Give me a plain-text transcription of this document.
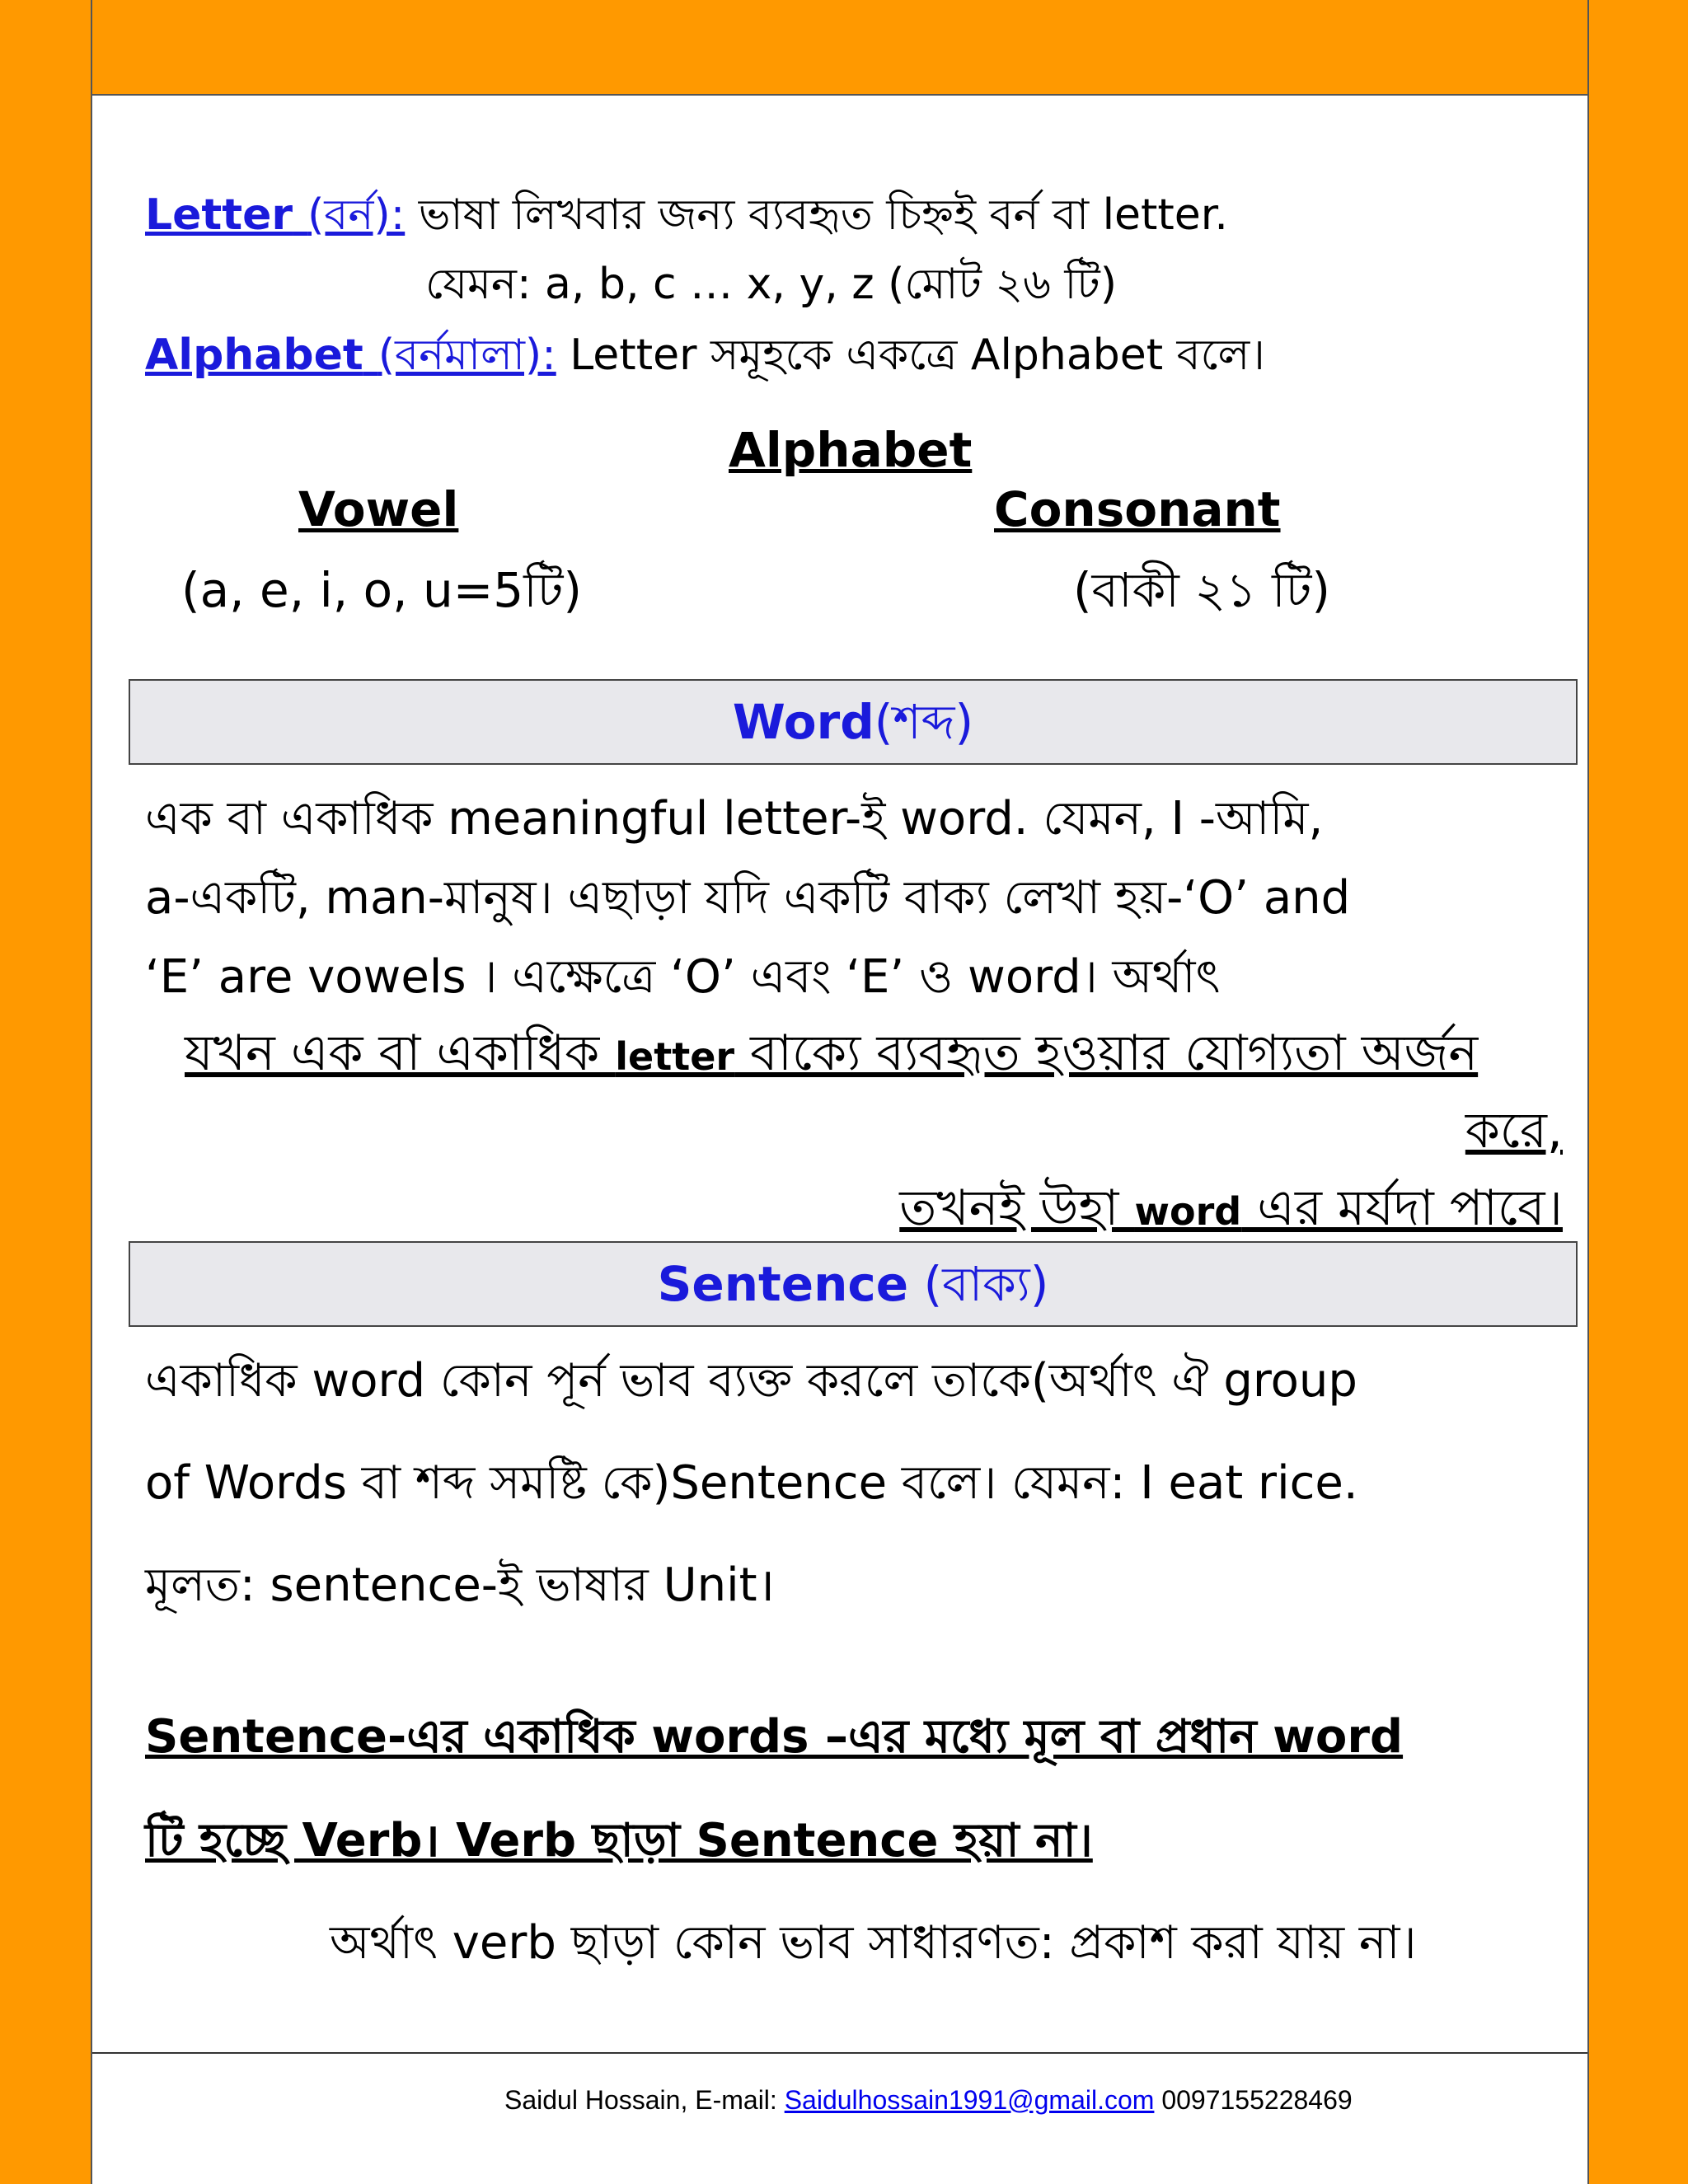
Letter (বর্ন): ভাষা লিখবার জন্য ব্যবহৃত চিহ্নই বর্ন বা letter.
যেমন: a, b, c … x, y, z (মোট ২৬ টি)
Alphabet (বর্নমালা): Letter সমূহকে একত্রে Alphabet বলে।
Alphabet
Vowel	Consonant
(a, e, i, o, u=5টি)	(বাকী ২১ টি)
Word(শব্দ)
এক বা একাধিক meaningful letter-ই word. যেমন, I -আমি,
a-একটি, man-মানুষ। এছাড়া যদি একটি বাক্য লেখা হয়-‘O’ and
‘E’ are vowels । এক্ষেত্রে ‘O’ এবং ‘E’ ও word। অর্থাৎ
যখন এক বা একাধিক letter বাক্যে ব্যবহৃত হওয়ার যোগ্যতা অর্জন
করে,
তখনই উহা word এর মর্যদা পাবে।
Sentence (বাক্য)
একাধিক word কোন পূর্ন ভাব ব্যক্ত করলে তাকে(অর্থাৎ ঐ group
of Words বা শব্দ সমষ্টি কে)Sentence বলে। যেমন: I eat rice.
মূলত: sentence-ই ভাষার Unit।
Sentence-এর একাধিক words –এর মধ্যে মূল বা প্রধান word
টি হচ্ছে Verb। Verb ছাড়া Sentence হয়া না।
অর্থাৎ verb ছাড়া কোন ভাব সাধারণত: প্রকাশ করা যায় না।
Saidul Hossain, E-mail: Saidulhossain1991@gmail.com 0097155228469
